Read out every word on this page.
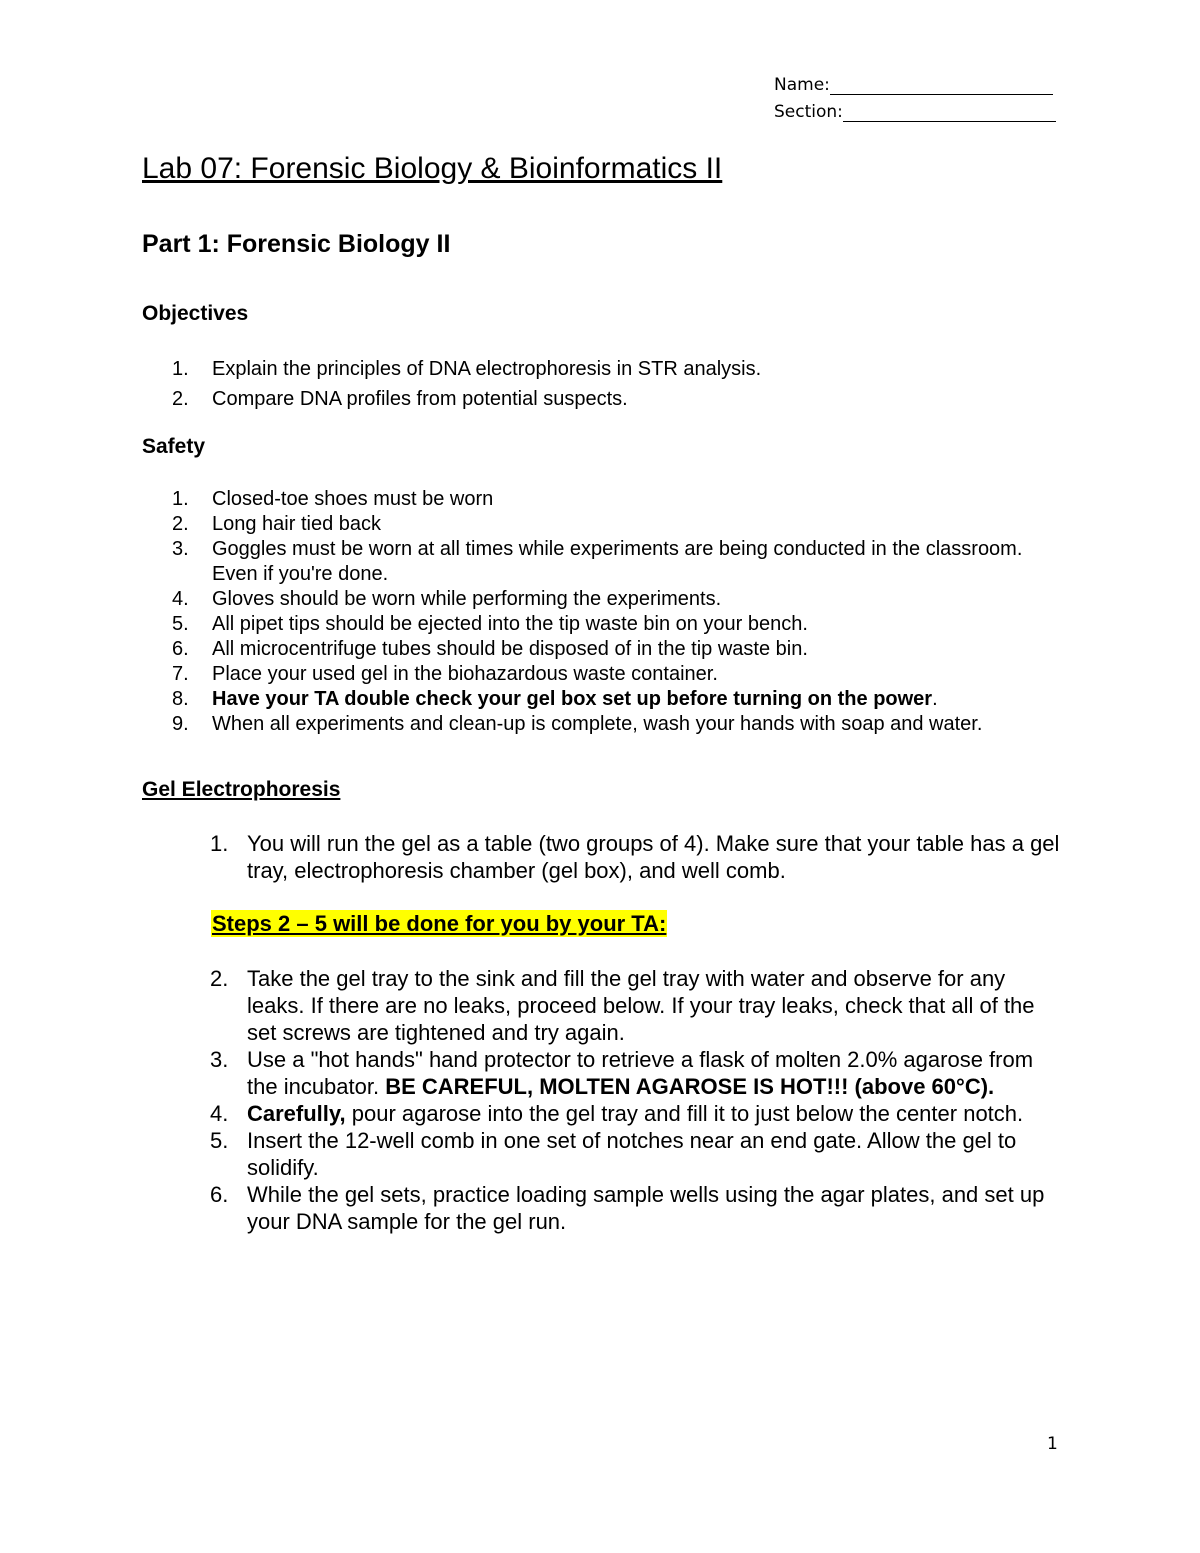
Name:
Section:
Lab 07: Forensic Biology & Bioinformatics II
Part 1: Forensic Biology II
Objectives
1.	Explain the principles of DNA electrophoresis in STR analysis.
2.	Compare DNA profiles from potential suspects.
Safety
1.	Closed-toe shoes must be worn
2.	Long hair tied back
3.	Goggles must be worn at all times while experiments are being conducted in the classroom. Even if you're done.
4.	Gloves should be worn while performing the experiments.
5.	All pipet tips should be ejected into the tip waste bin on your bench.
6.	All microcentrifuge tubes should be disposed of in the tip waste bin.
7.	Place your used gel in the biohazardous waste container.
8.	Have your TA double check your gel box set up before turning on the power.
9.	When all experiments and clean-up is complete, wash your hands with soap and water.
Gel Electrophoresis
1. You will run the gel as a table (two groups of 4). Make sure that your table has a gel tray, electrophoresis chamber (gel box), and well comb.

Steps 2 – 5 will be done for you by your TA:

2. Take the gel tray to the sink and fill the gel tray with water and observe for any leaks. If there are no leaks, proceed below. If your tray leaks, check that all of the set screws are tightened and try again.
3. Use a "hot hands" hand protector to retrieve a flask of molten 2.0% agarose from the incubator. BE CAREFUL, MOLTEN AGAROSE IS HOT!!! (above 60°C).
4. Carefully, pour agarose into the gel tray and fill it to just below the center notch.
5. Insert the 12-well comb in one set of notches near an end gate. Allow the gel to solidify.
6. While the gel sets, practice loading sample wells using the agar plates, and set up your DNA sample for the gel run.
1
